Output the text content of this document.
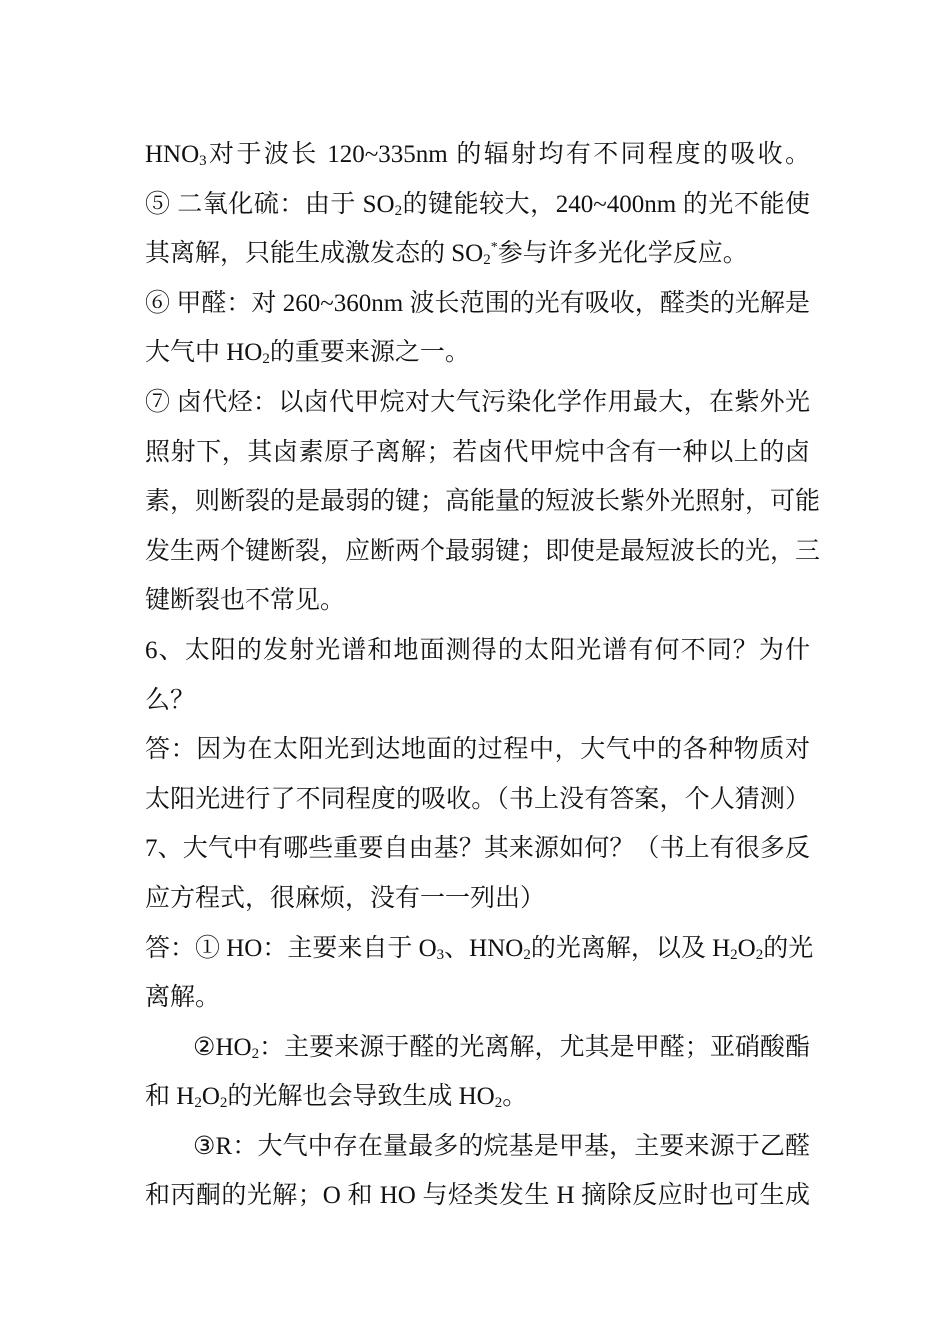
$HNO_3$对于波长 120~335nm 的辐射均有不同程度的吸收。
⑤ 二氧化硫：由于 $SO_2$的键能较大，240~400nm 的光不能使
其离解，只能生成激发态的 $SO_2^*$参与许多光化学反应。
⑥ 甲醛：对 260~360nm 波长范围的光有吸收，醛类的光解是
大气中 $HO_2$的重要来源之一。
⑦ 卤代烃：以卤代甲烷对大气污染化学作用最大，在紫外光
照射下，其卤素原子离解；若卤代甲烷中含有一种以上的卤
素，则断裂的是最弱的键；高能量的短波长紫外光照射，可能
发生两个键断裂，应断两个最弱键；即使是最短波长的光，三
键断裂也不常见。
6、太阳的发射光谱和地面测得的太阳光谱有何不同？为什
么？
答：因为在太阳光到达地面的过程中，大气中的各种物质对
太阳光进行了不同程度的吸收。（书上没有答案，个人猜测）
7、大气中有哪些重要自由基？其来源如何？（书上有很多反
应方程式，很麻烦，没有一一列出）
答：① HO：主要来自于 $O_3$、$HNO_2$的光离解，以及 $H_2O_2$的光
离解。
$②HO_2$：主要来源于醛的光离解，尤其是甲醛；亚硝酸酯
和 $H_2O_2$的光解也会导致生成 $HO_2$。
③R：大气中存在量最多的烷基是甲基，主要来源于乙醛
和丙酮的光解；O 和 HO 与烃类发生 H 摘除反应时也可生成
